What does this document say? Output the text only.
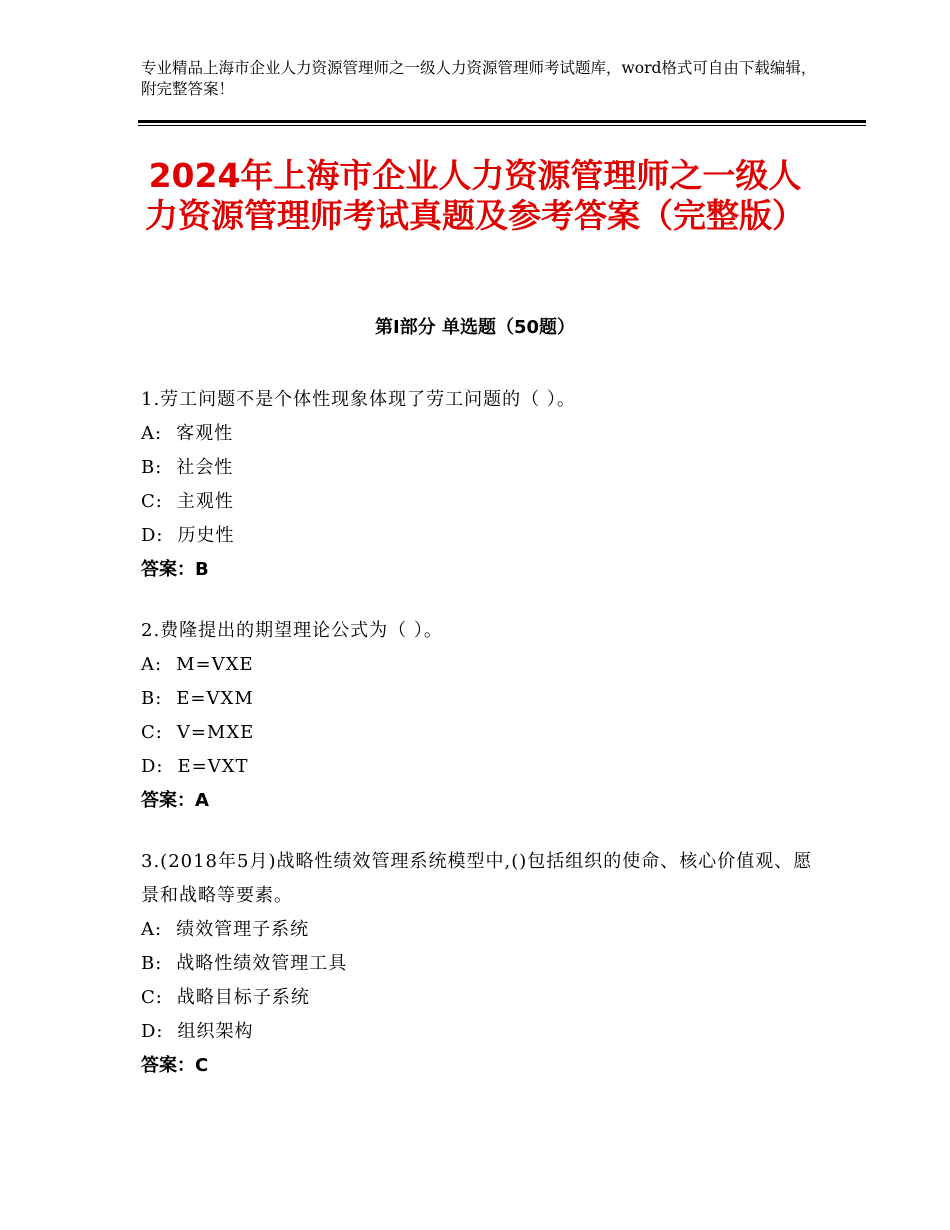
专业精品上海市企业人力资源管理师之一级人力资源管理师考试题库，word格式可自由下载编辑，附完整答案！
2024年上海市企业人力资源管理师之一级人力资源管理师考试真题及参考答案（完整版）
第Ⅰ部分 单选题（50题）

1.劳工问题不是个体性现象体现了劳工问题的（ ）。

A: 客观性

B: 社会性

C: 主观性

D: 历史性

答案：B

2.费隆提出的期望理论公式为（ ）。

A: M=VXE

B: E=VXM

C: V=MXE

D: E=VXT

答案：A

3.(2018年5月)战略性绩效管理系统模型中,()包括组织的使命、核心价值观、愿景和战略等要素。

A: 绩效管理子系统

B: 战略性绩效管理工具

C: 战略目标子系统

D: 组织架构

答案：C
